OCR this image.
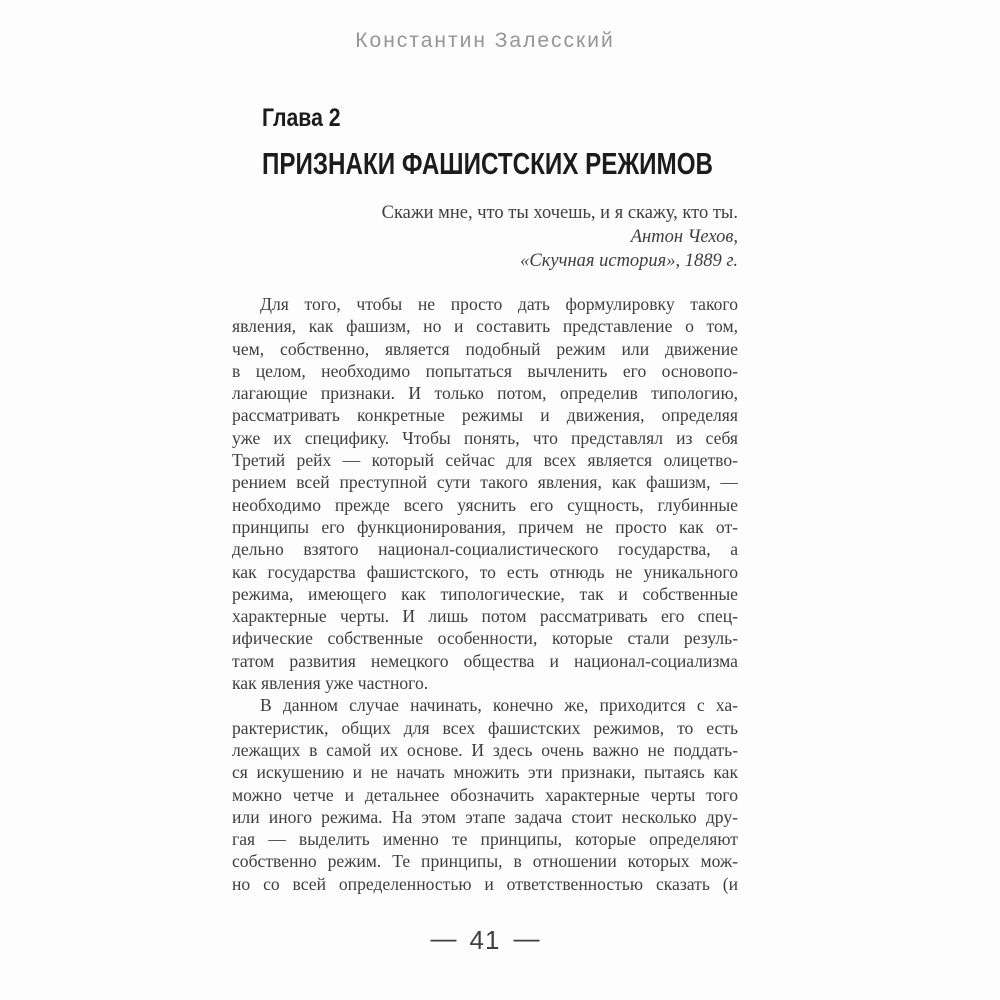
Константин Залесский
Глава 2
ПРИЗНАКИ ФАШИСТСКИХ РЕЖИМОВ
Скажи мне, что ты хочешь, и я скажу, кто ты.
Антон Чехов,
«Скучная история», 1889 г.
Для того, чтобы не просто дать формулировку такого
явления, как фашизм, но и составить представление о том,
чем, собственно, является подобный режим или движение
в целом, необходимо попытаться вычленить его основопо-
лагающие признаки. И только потом, определив типологию,
рассматривать конкретные режимы и движения, определяя
уже их специфику. Чтобы понять, что представлял из себя
Третий рейх — который сейчас для всех является олицетво-
рением всей преступной сути такого явления, как фашизм, —
необходимо прежде всего уяснить его сущность, глубинные
принципы его функционирования, причем не просто как от-
дельно взятого национал-социалистического государства, а
как государства фашистского, то есть отнюдь не уникального
режима, имеющего как типологические, так и собственные
характерные черты. И лишь потом рассматривать его спец-
ифические собственные особенности, которые стали резуль-
татом развития немецкого общества и национал-социализма
как явления уже частного.
В данном случае начинать, конечно же, приходится с ха-
рактеристик, общих для всех фашистских режимов, то есть
лежащих в самой их основе. И здесь очень важно не поддать-
ся искушению и не начать множить эти признаки, пытаясь как
можно четче и детальнее обозначить характерные черты того
или иного режима. На этом этапе задача стоит несколько дру-
гая — выделить именно те принципы, которые определяют
собственно режим. Те принципы, в отношении которых мож-
но со всей определенностью и ответственностью сказать (и
— 41 —
